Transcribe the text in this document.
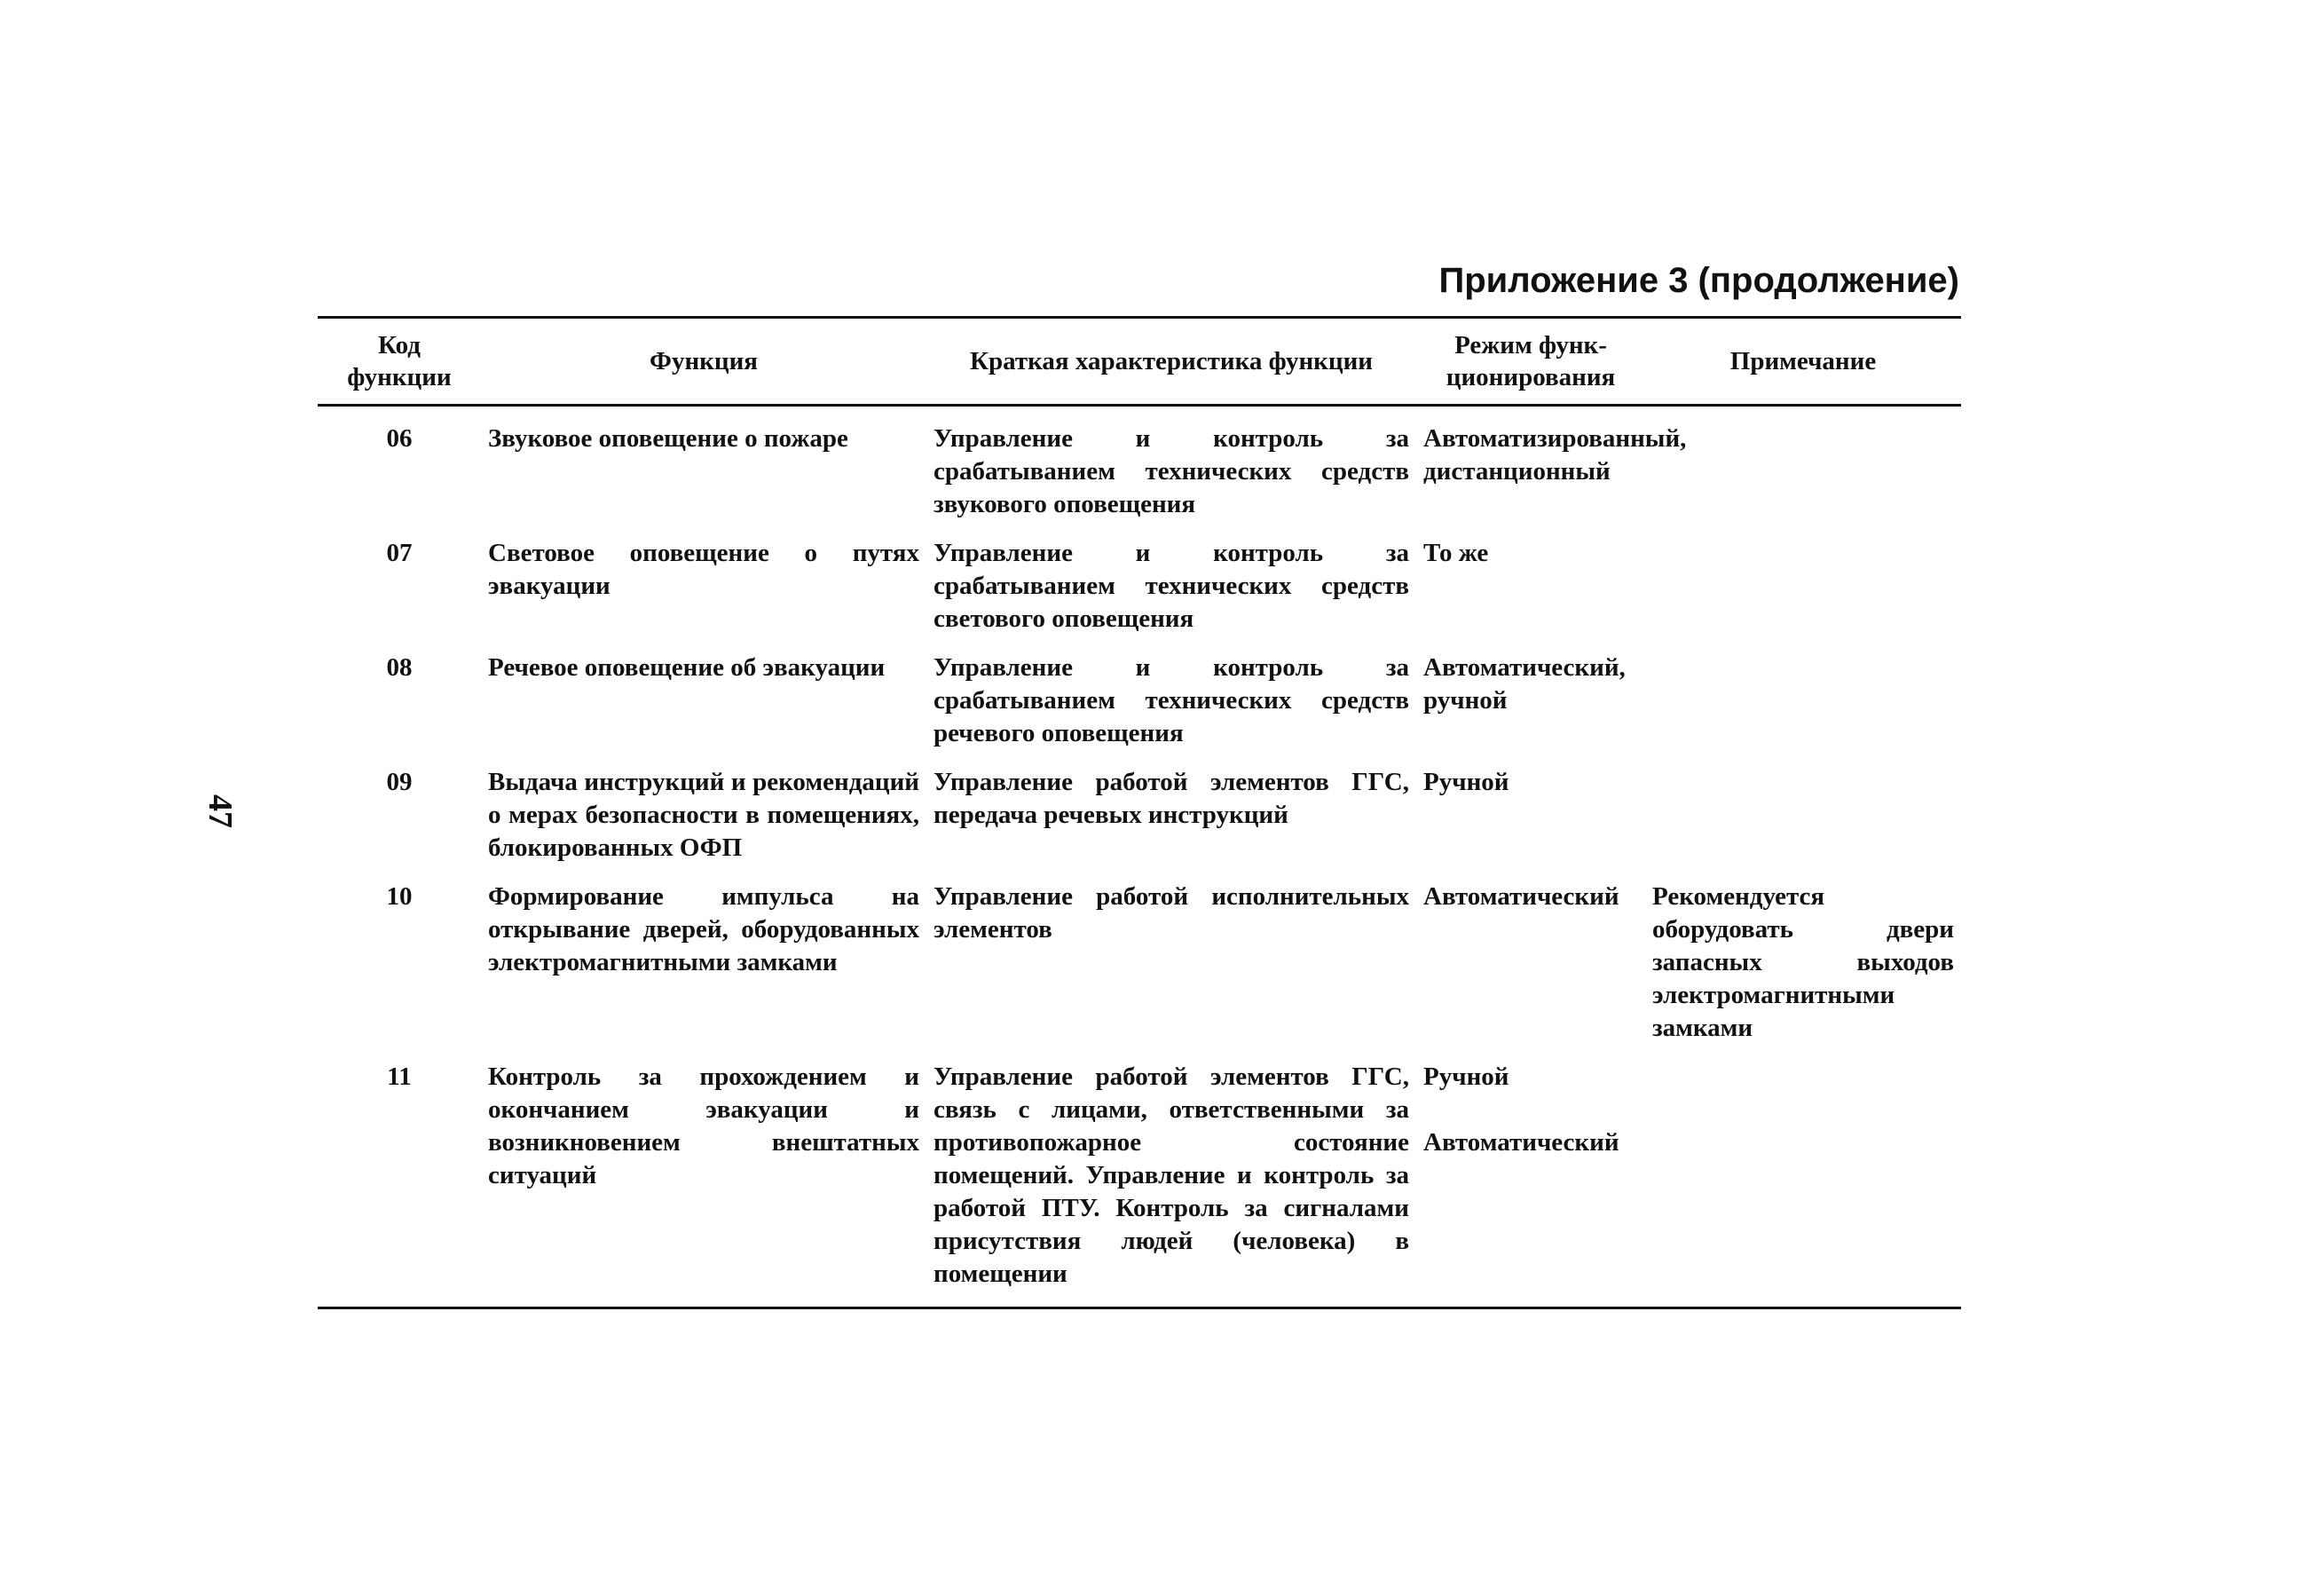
47
Приложение 3 (продолжение)
Код
функции	Функция	Краткая характеристика функции	Режим функ-
ционирования	Примечание
06	Звуковое оповещение о пожаре	Управление и контроль за срабатыванием технических средств звукового оповещения	Автоматизированный, дистанционный	
07	Световое оповещение о путях эвакуации	Управление и контроль за срабатыванием технических средств светового оповещения	То же	
08	Речевое оповещение об эвакуации	Управление и контроль за срабатыванием технических средств речевого оповещения	Автоматический, ручной	
09	Выдача инструкций и рекомендаций о мерах безопасности в помещениях, блокированных ОФП	Управление работой элементов ГГС, передача речевых инструкций	Ручной	
10	Формирование импульса на открывание дверей, оборудованных электромагнитными замками	Управление работой исполнительных элементов	Автоматический	Рекомендуется оборудовать двери запасных выходов электромагнитными замками
11	Контроль за прохождением и окончанием эвакуации и возникновением внештатных ситуаций	Управление работой элементов ГГС, связь с лицами, ответственными за противопожарное состояние помещений. Управление и контроль за работой ПТУ. Контроль за сигналами присутствия людей (человека) в помещении	Ручной
Автоматический	
